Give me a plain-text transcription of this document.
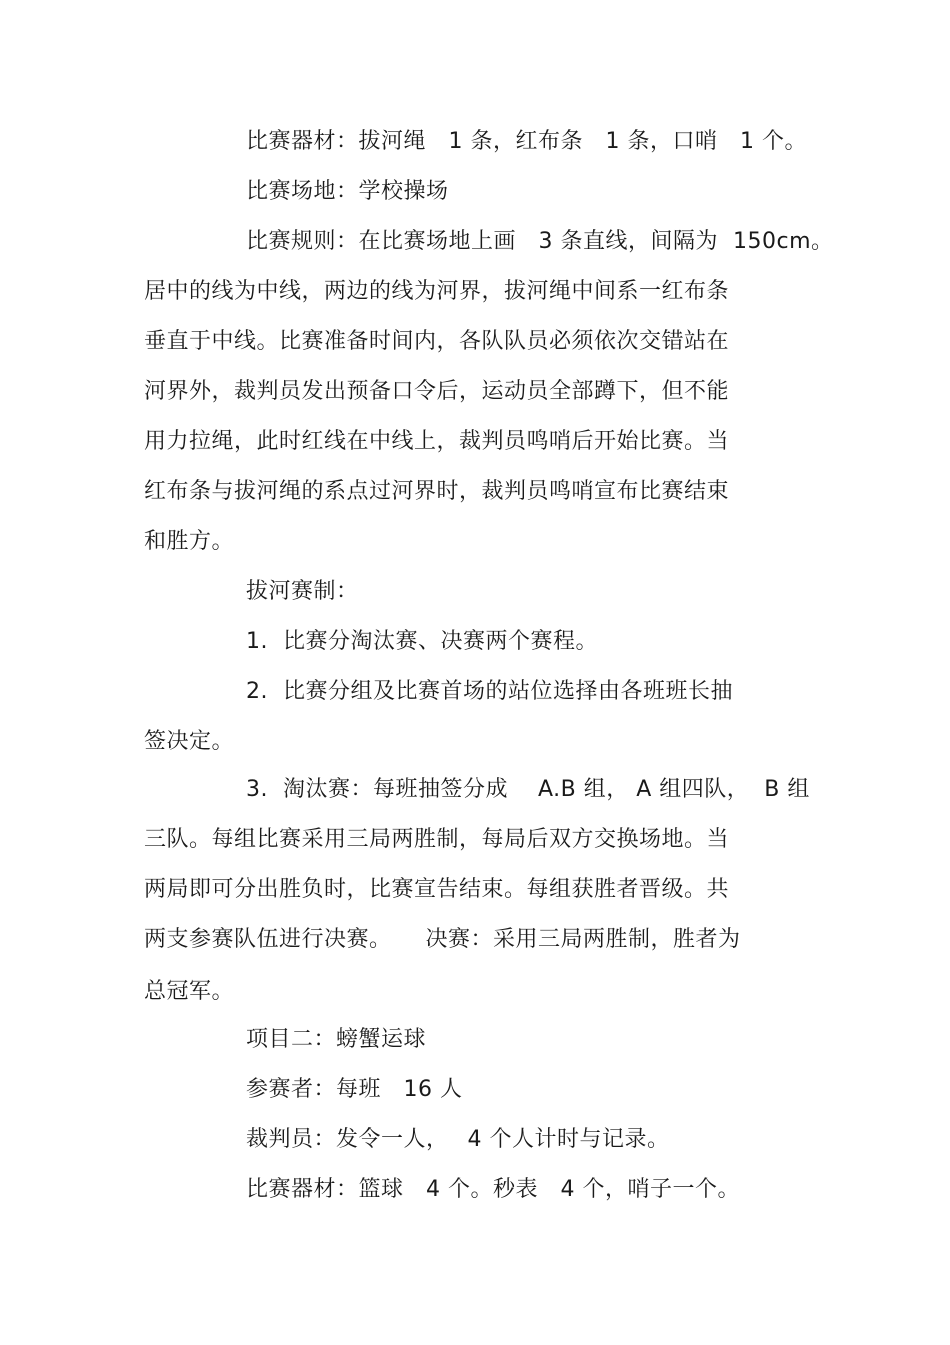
比赛器材：拔河绳　1 条，红布条　1 条，口哨　1 个。
比赛场地：学校操场
比赛规则：在比赛场地上画　3 条直线，间隔为  150cm。
居中的线为中线，两边的线为河界，拔河绳中间系一红布条
垂直于中线。比赛准备时间内，各队队员必须依次交错站在
河界外，裁判员发出预备口令后，运动员全部蹲下，但不能
用力拉绳，此时红线在中线上，裁判员鸣哨后开始比赛。当
红布条与拔河绳的系点过河界时，裁判员鸣哨宣布比赛结束
和胜方。
拔河赛制：
1.  比赛分淘汰赛、决赛两个赛程。
2.  比赛分组及比赛首场的站位选择由各班班长抽
签决定。
3.  淘汰赛：每班抽签分成　 A.B 组， A 组四队，  B 组
三队。每组比赛采用三局两胜制，每局后双方交换场地。当
两局即可分出胜负时，比赛宣告结束。每组获胜者晋级。共
两支参赛队伍进行决赛。　　决赛：采用三局两胜制，胜者为
总冠军。
项目二：螃蟹运球
参赛者：每班　16 人
裁判员：发令一人，　 4 个人计时与记录。
比赛器材：篮球　4 个。秒表　4 个，哨子一个。
